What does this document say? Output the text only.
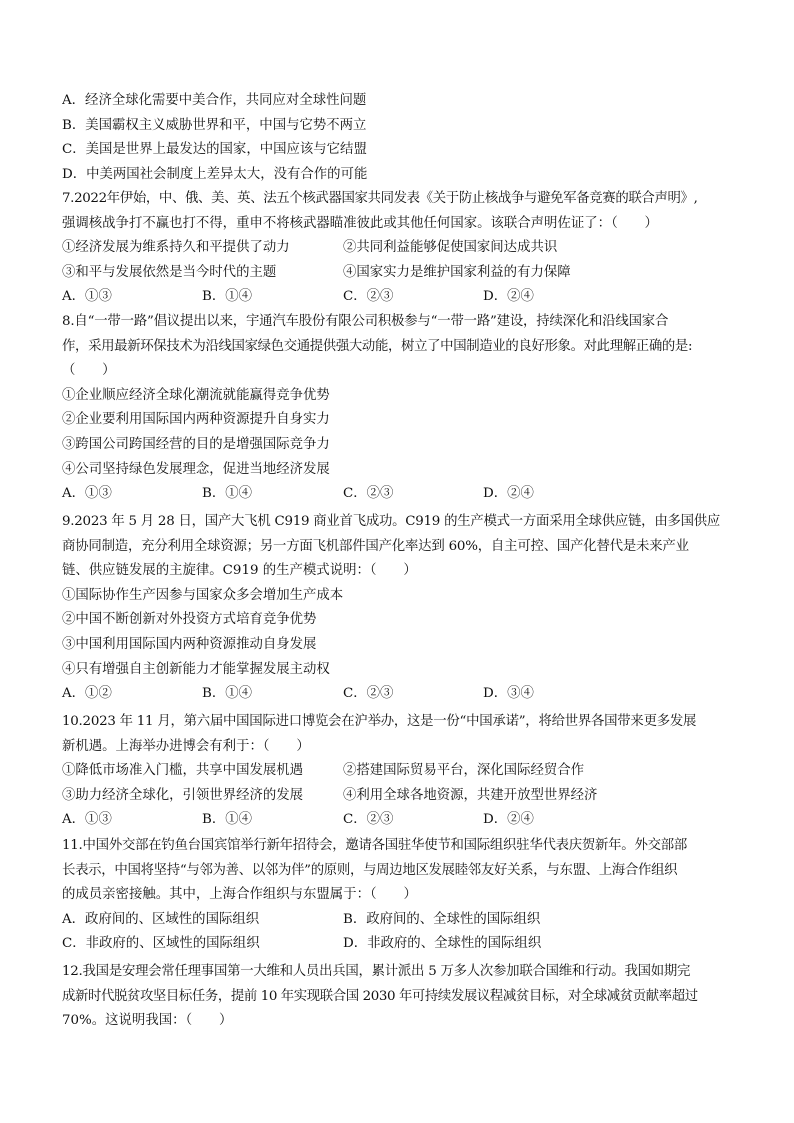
A．经济全球化需要中美合作，共同应对全球性问题
B．美国霸权主义威胁世界和平，中国与它势不两立
C．美国是世界上最发达的国家，中国应该与它结盟
D．中美两国社会制度上差异太大，没有合作的可能
7.2022年伊始，中、俄、美、英、法五个核武器国家共同发表《关于防止核战争与避免军备竞赛的联合声明》,
强调核战争打不赢也打不得，重申不将核武器瞄准彼此或其他任何国家。该联合声明佐证了：（　　）
①经济发展为维系持久和平提供了动力	②共同利益能够促使国家间达成共识
③和平与发展依然是当今时代的主题	④国家实力是维护国家利益的有力保障
A．①③	B．①④	C．②③	D．②④
8.自“一带一路”倡议提出以来，宇通汽车股份有限公司积极参与“一带一路”建设，持续深化和沿线国家合
作，采用最新环保技术为沿线国家绿色交通提供强大动能，树立了中国制造业的良好形象。对此理解正确的是:
（　　）
①企业顺应经济全球化潮流就能赢得竞争优势
②企业要利用国际国内两种资源提升自身实力
③跨国公司跨国经营的目的是增强国际竞争力
④公司坚持绿色发展理念，促进当地经济发展
A．①③	B．①④	C．②③	D．②④
9.2023 年 5 月 28 日，国产大飞机 C919 商业首飞成功。C919 的生产模式一方面采用全球供应链，由多国供应
商协同制造，充分利用全球资源；另一方面飞机部件国产化率达到 60%，自主可控、国产化替代是未来产业
链、供应链发展的主旋律。C919 的生产模式说明：（　　）
①国际协作生产因参与国家众多会增加生产成本
②中国不断创新对外投资方式培育竞争优势
③中国利用国际国内两种资源推动自身发展
④只有增强自主创新能力才能掌握发展主动权
A．①②	B．①④	C．②③	D．③④
10.2023 年 11 月，第六届中国国际进口博览会在沪举办，这是一份“中国承诺”，将给世界各国带来更多发展
新机遇。上海举办进博会有利于：（　　）
①降低市场准入门槛，共享中国发展机遇	②搭建国际贸易平台，深化国际经贸合作
③助力经济全球化，引领世界经济的发展	④利用全球各地资源，共建开放型世界经济
A．①③	B．①④	C．②③	D．②④
11.中国外交部在钓鱼台国宾馆举行新年招待会，邀请各国驻华使节和国际组织驻华代表庆贺新年。外交部部
长表示，中国将坚持“与邻为善、以邻为伴”的原则，与周边地区发展睦邻友好关系，与东盟、上海合作组织
的成员亲密接触。其中，上海合作组织与东盟属于：（　　）
A．政府间的、区域性的国际组织	B．政府间的、全球性的国际组织
C．非政府的、区域性的国际组织	D．非政府的、全球性的国际组织
12.我国是安理会常任理事国第一大维和人员出兵国，累计派出 5 万多人次参加联合国维和行动。我国如期完
成新时代脱贫攻坚目标任务，提前 10 年实现联合国 2030 年可持续发展议程减贫目标，对全球减贫贡献率超过
70%。这说明我国：（　　）
